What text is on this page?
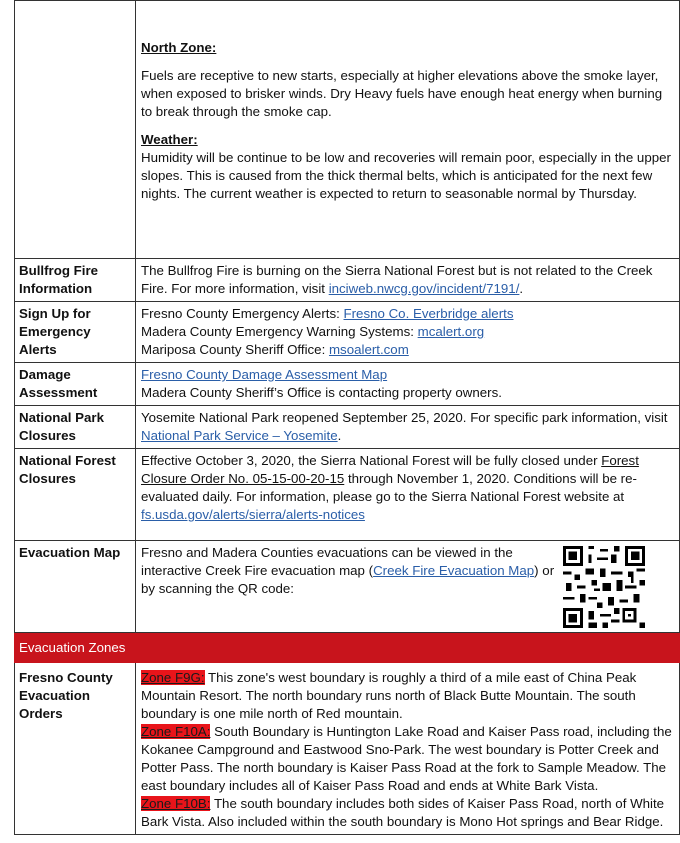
	North Zone:
Fuels are receptive to new starts, especially at higher elevations above the smoke layer, when exposed to brisker winds. Dry Heavy fuels have enough heat energy when burning to break through the smoke cap.
Weather:
Humidity will be continue to be low and recoveries will remain poor, especially in the upper slopes. This is caused from the thick thermal belts, which is anticipated for the next few nights. The current weather is expected to return to seasonable normal by Thursday.

Bullfrog Fire Information	The Bullfrog Fire is burning on the Sierra National Forest but is not related to the Creek Fire. For more information, visit inciweb.nwcg.gov/incident/7191/.
Sign Up for Emergency Alerts	Fresno County Emergency Alerts: Fresno Co. Everbridge alerts
Madera County Emergency Warning Systems: mcalert.org
Mariposa County Sheriff Office: msoalert.com

Damage Assessment	Fresno County Damage Assessment Map
Madera County Sheriff’s Office is contacting property owners.

National Park Closures	Yosemite National Park reopened September 25, 2020. For specific park information, visit National Park Service – Yosemite.
National Forest Closures	Effective October 3, 2020, the Sierra National Forest will be fully closed under Forest Closure Order No. 05-15-00-20-15 through November 1, 2020. Conditions will be re-evaluated daily. For information, please go to the Sierra National Forest website at fs.usda.gov/alerts/sierra/alerts-notices
Evacuation Map	Fresno and Madera Counties evacuations can be viewed in the interactive Creek Fire evacuation map (Creek Fire Evacuation Map) or by scanning the QR code:
Evacuation Zones	
Fresno County Evacuation Orders	Zone F9G: This zone's west boundary is roughly a third of a mile east of China Peak Mountain Resort. The north boundary runs north of Black Butte Mountain. The south boundary is one mile north of Red mountain.
Zone F10A: South Boundary is Huntington Lake Road and Kaiser Pass road, including the Kokanee Campground and Eastwood Sno-Park. The west boundary is Potter Creek and Potter Pass. The north boundary is Kaiser Pass Road at the fork to Sample Meadow. The east boundary includes all of Kaiser Pass Road and ends at White Bark Vista.
Zone F10B: The south boundary includes both sides of Kaiser Pass Road, north of White Bark Vista. Also included within the south boundary is Mono Hot springs and Bear Ridge.
